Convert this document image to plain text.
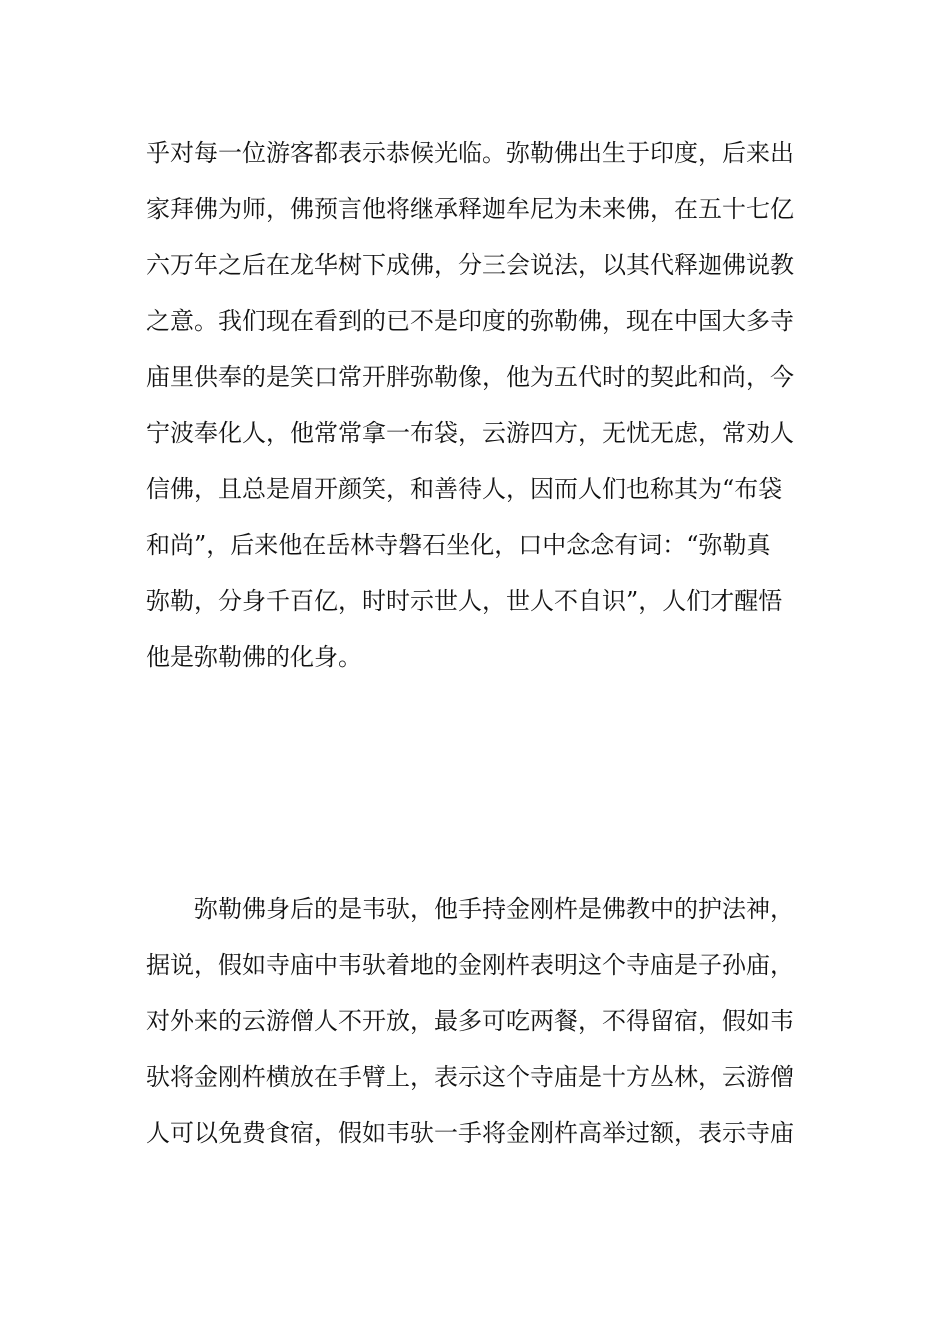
乎对每一位游客都表示恭候光临。弥勒佛出生于印度，后来出
家拜佛为师，佛预言他将继承释迦牟尼为未来佛，在五十七亿
六万年之后在龙华树下成佛，分三会说法，以其代释迦佛说教
之意。我们现在看到的已不是印度的弥勒佛，现在中国大多寺
庙里供奉的是笑口常开胖弥勒像，他为五代时的契此和尚，今
宁波奉化人，他常常拿一布袋，云游四方，无忧无虑，常劝人
信佛，且总是眉开颜笑，和善待人，因而人们也称其为“布袋
和尚”，后来他在岳林寺磐石坐化，口中念念有词：“弥勒真
弥勒，分身千百亿，时时示世人，世人不自识”，人们才醒悟
他是弥勒佛的化身。
弥勒佛身后的是韦驮，他手持金刚杵是佛教中的护法神，
据说，假如寺庙中韦驮着地的金刚杵表明这个寺庙是子孙庙，
对外来的云游僧人不开放，最多可吃两餐，不得留宿，假如韦
驮将金刚杵横放在手臂上，表示这个寺庙是十方丛林，云游僧
人可以免费食宿，假如韦驮一手将金刚杵高举过额，表示寺庙
